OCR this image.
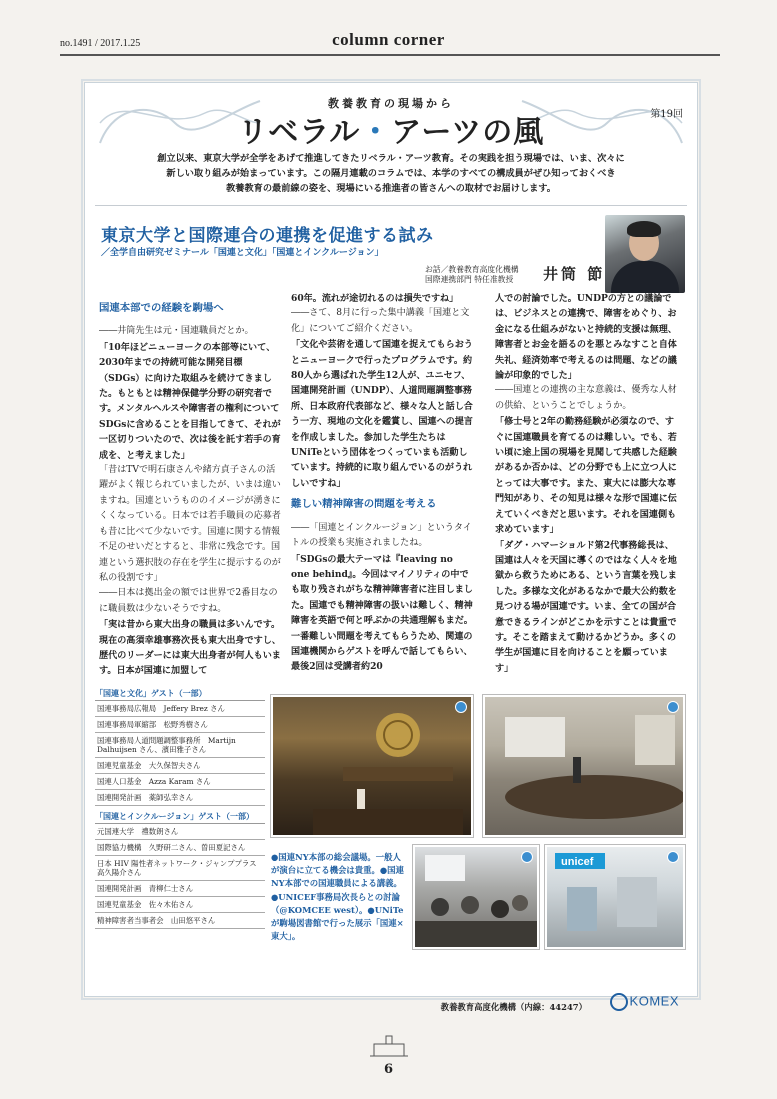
no.1491 / 2017.1.25	column corner
教養教育の現場から
リベラル・アーツの風
第19回
創立以来、東京大学が全学をあげて推進してきたリベラル・アーツ教育。その実践を担う現場では、いま、次々に
新しい取り組みが始まっています。この隔月連載のコラムでは、本学のすべての構成員がぜひ知っておくべき
教養教育の最前線の姿を、現場にいる推進者の皆さんへの取材でお届けします。
東京大学と国際連合の連携を促進する試み
／全学自由研究ゼミナール「国連と文化」「国連とインクルージョン」
お話／教養教育高度化機構
国際連携部門 特任准教授	井筒 節

国連本部での経験を駒場へ

――井筒先生は元・国連職員だとか。

「10年ほどニューヨークの本部等にいて、2030年までの持続可能な開発目標（SDGs）に向けた取組みを続けてきました。もともとは精神保健学分野の研究者です。メンタルヘルスや障害者の権利についてSDGsに含めることを目指してきて、それが一区切りついたので、次は後を託す若手の育成を、と考えました」

「昔はTVで明石康さんや緒方貞子さんの活躍がよく報じられていましたが、いまは違いますね。国連というもののイメージが湧きにくくなっている。日本では若手職員の応募者も昔に比べて少ないです。国連に関する情報不足のせいだとすると、非常に残念です。国連という選択肢の存在を学生に提示するのが私の役割です」

――日本は拠出金の額では世界で2番目なのに職員数は少ないそうですね。

「実は昔から東大出身の職員は多いんです。現在の高須幸雄事務次長も東大出身ですし、歴代のリーダーには東大出身者が何人もいます。日本が国連に加盟して

60年。流れが途切れるのは損失ですね」

――さて、8月に行った集中講義「国連と文化」についてご紹介ください。

「文化や芸術を通して国連を捉えてもらおうとニューヨークで行ったプログラムです。約80人から選ばれた学生12人が、ユニセフ、国連開発計画（UNDP）、人道問題調整事務所、日本政府代表部など、様々な人と話し合う一方、現地の文化を鑑賞し、国連への提言を作成しました。参加した学生たちはUNiTeという団体をつくっていまも活動しています。持続的に取り組んでいるのがうれしいですね」

難しい精神障害の問題を考える

――「国連とインクルージョン」というタイトルの授業も実施されましたね。

「SDGsの最大テーマは『leaving no one behind』。今回はマイノリティの中でも取り残されがちな精神障害者に注目しました。国連でも精神障害の扱いは難しく、精神障害を英語で何と呼ぶかの共通理解もまだ。一番難しい問題を考えてもらうため、関連の国連機関からゲストを呼んで話してもらい、最後2回は受講者約20

人での討論でした。UNDPの方との議論では、ビジネスとの連携で、障害をめぐり、お金になる仕組みがないと持続的支援は無理、障害者とお金を語るのを悪とみなすこと自体失礼、経済効率で考えるのは問題、などの議論が印象的でした」

――国連との連携の主な意義は、優秀な人材の供給、ということでしょうか。

「修士号と2年の勤務経験が必須なので、すぐに国連職員を育てるのは難しい。でも、若い頃に途上国の現場を見聞して共感した経験があるか否かは、どの分野でも上に立つ人にとっては大事です。また、東大には膨大な専門知があり、その知見は様々な形で国連に伝えていくべきだと思います。それを国連側も求めています」

「ダグ・ハマーショルド第2代事務総長は、国連は人々を天国に導くのではなく人々を地獄から救うためにある、という言葉を残しました。多様な文化があるなかで最大公約数を見つける場が国連です。いま、全ての国が合意できるラインがどこかを示すことは貴重です。そこを踏まえて動けるかどうか。多くの学生が国連に目を向けることを願っています」

「国連と文化」ゲスト（一部）
国連事務局広報局　Jeffery Brez さん
国連事務局軍縮部　松野秀樹さん
国連事務局人道問題調整事務所　Martijn Dalhuijsen さん、濱田雅子さん
国連児童基金　大久保智夫さん
国連人口基金　Azza Karam さん
国連開発計画　薬師弘幸さん
「国連とインクルージョン」ゲスト（一部）
元国連大学　禮数朗さん
国際協力機構　久野研二さん、曽田夏記さん
日本 HIV 陽性者ネットワーク・ジャンププラス　高久陽介さん
国連開発計画　青柳仁士さん
国連児童基金　佐々木佑さん
精神障害者当事者会　山田悠平さん
unicef
●国連NY本部の総会議場。一般人が演台に立てる機会は貴重。●国連NY本部での国連職員による講義。●UNICEF事務局次長らとの討論（@KOMCEE west）。●UNiTeが駒場図書館で行った展示「国連×東大」。
教養教育高度化機構（内線：44247）	KOMEX
6
